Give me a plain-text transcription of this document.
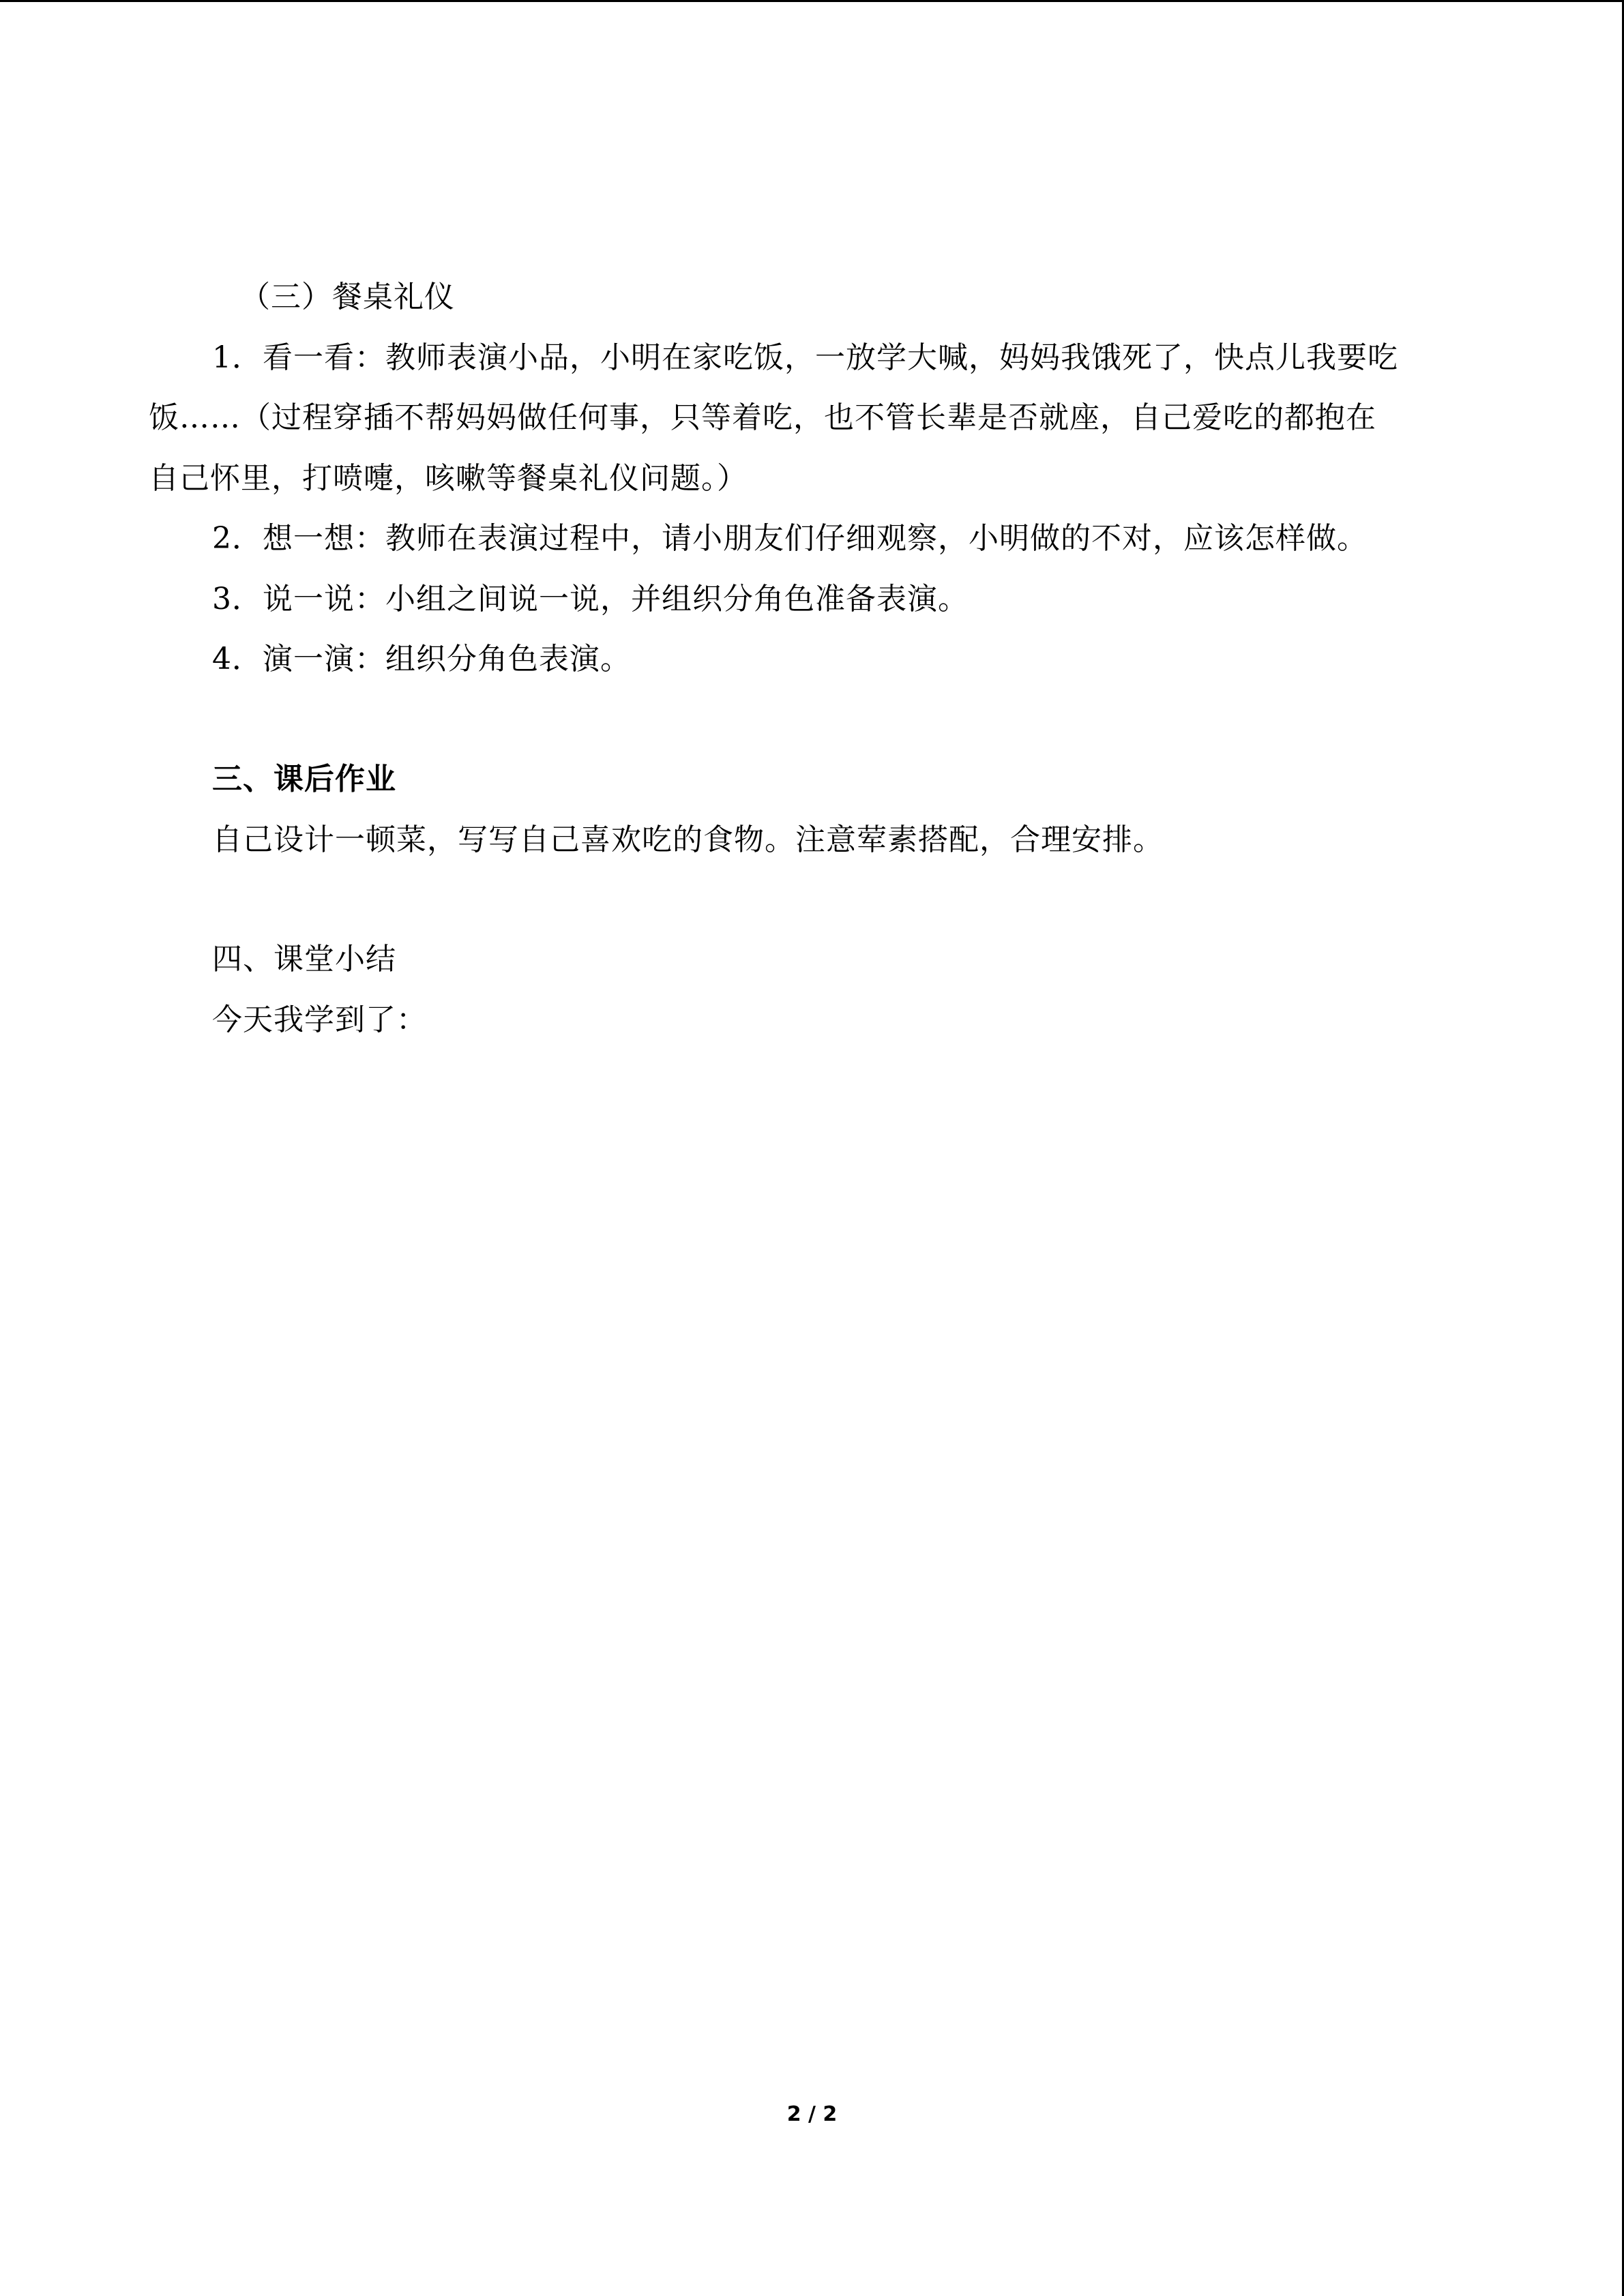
（三）餐桌礼仪
1．看一看：教师表演小品，小明在家吃饭，一放学大喊，妈妈我饿死了，快点儿我要吃
饭……（过程穿插不帮妈妈做任何事，只等着吃，也不管长辈是否就座，自己爱吃的都抱在
自己怀里，打喷嚏，咳嗽等餐桌礼仪问题。）
2．想一想：教师在表演过程中，请小朋友们仔细观察，小明做的不对，应该怎样做。
3．说一说：小组之间说一说，并组织分角色准备表演。
4．演一演：组织分角色表演。
三、课后作业
自己设计一顿菜，写写自己喜欢吃的食物。注意荤素搭配，合理安排。
四、课堂小结
今天我学到了：
2 / 2
